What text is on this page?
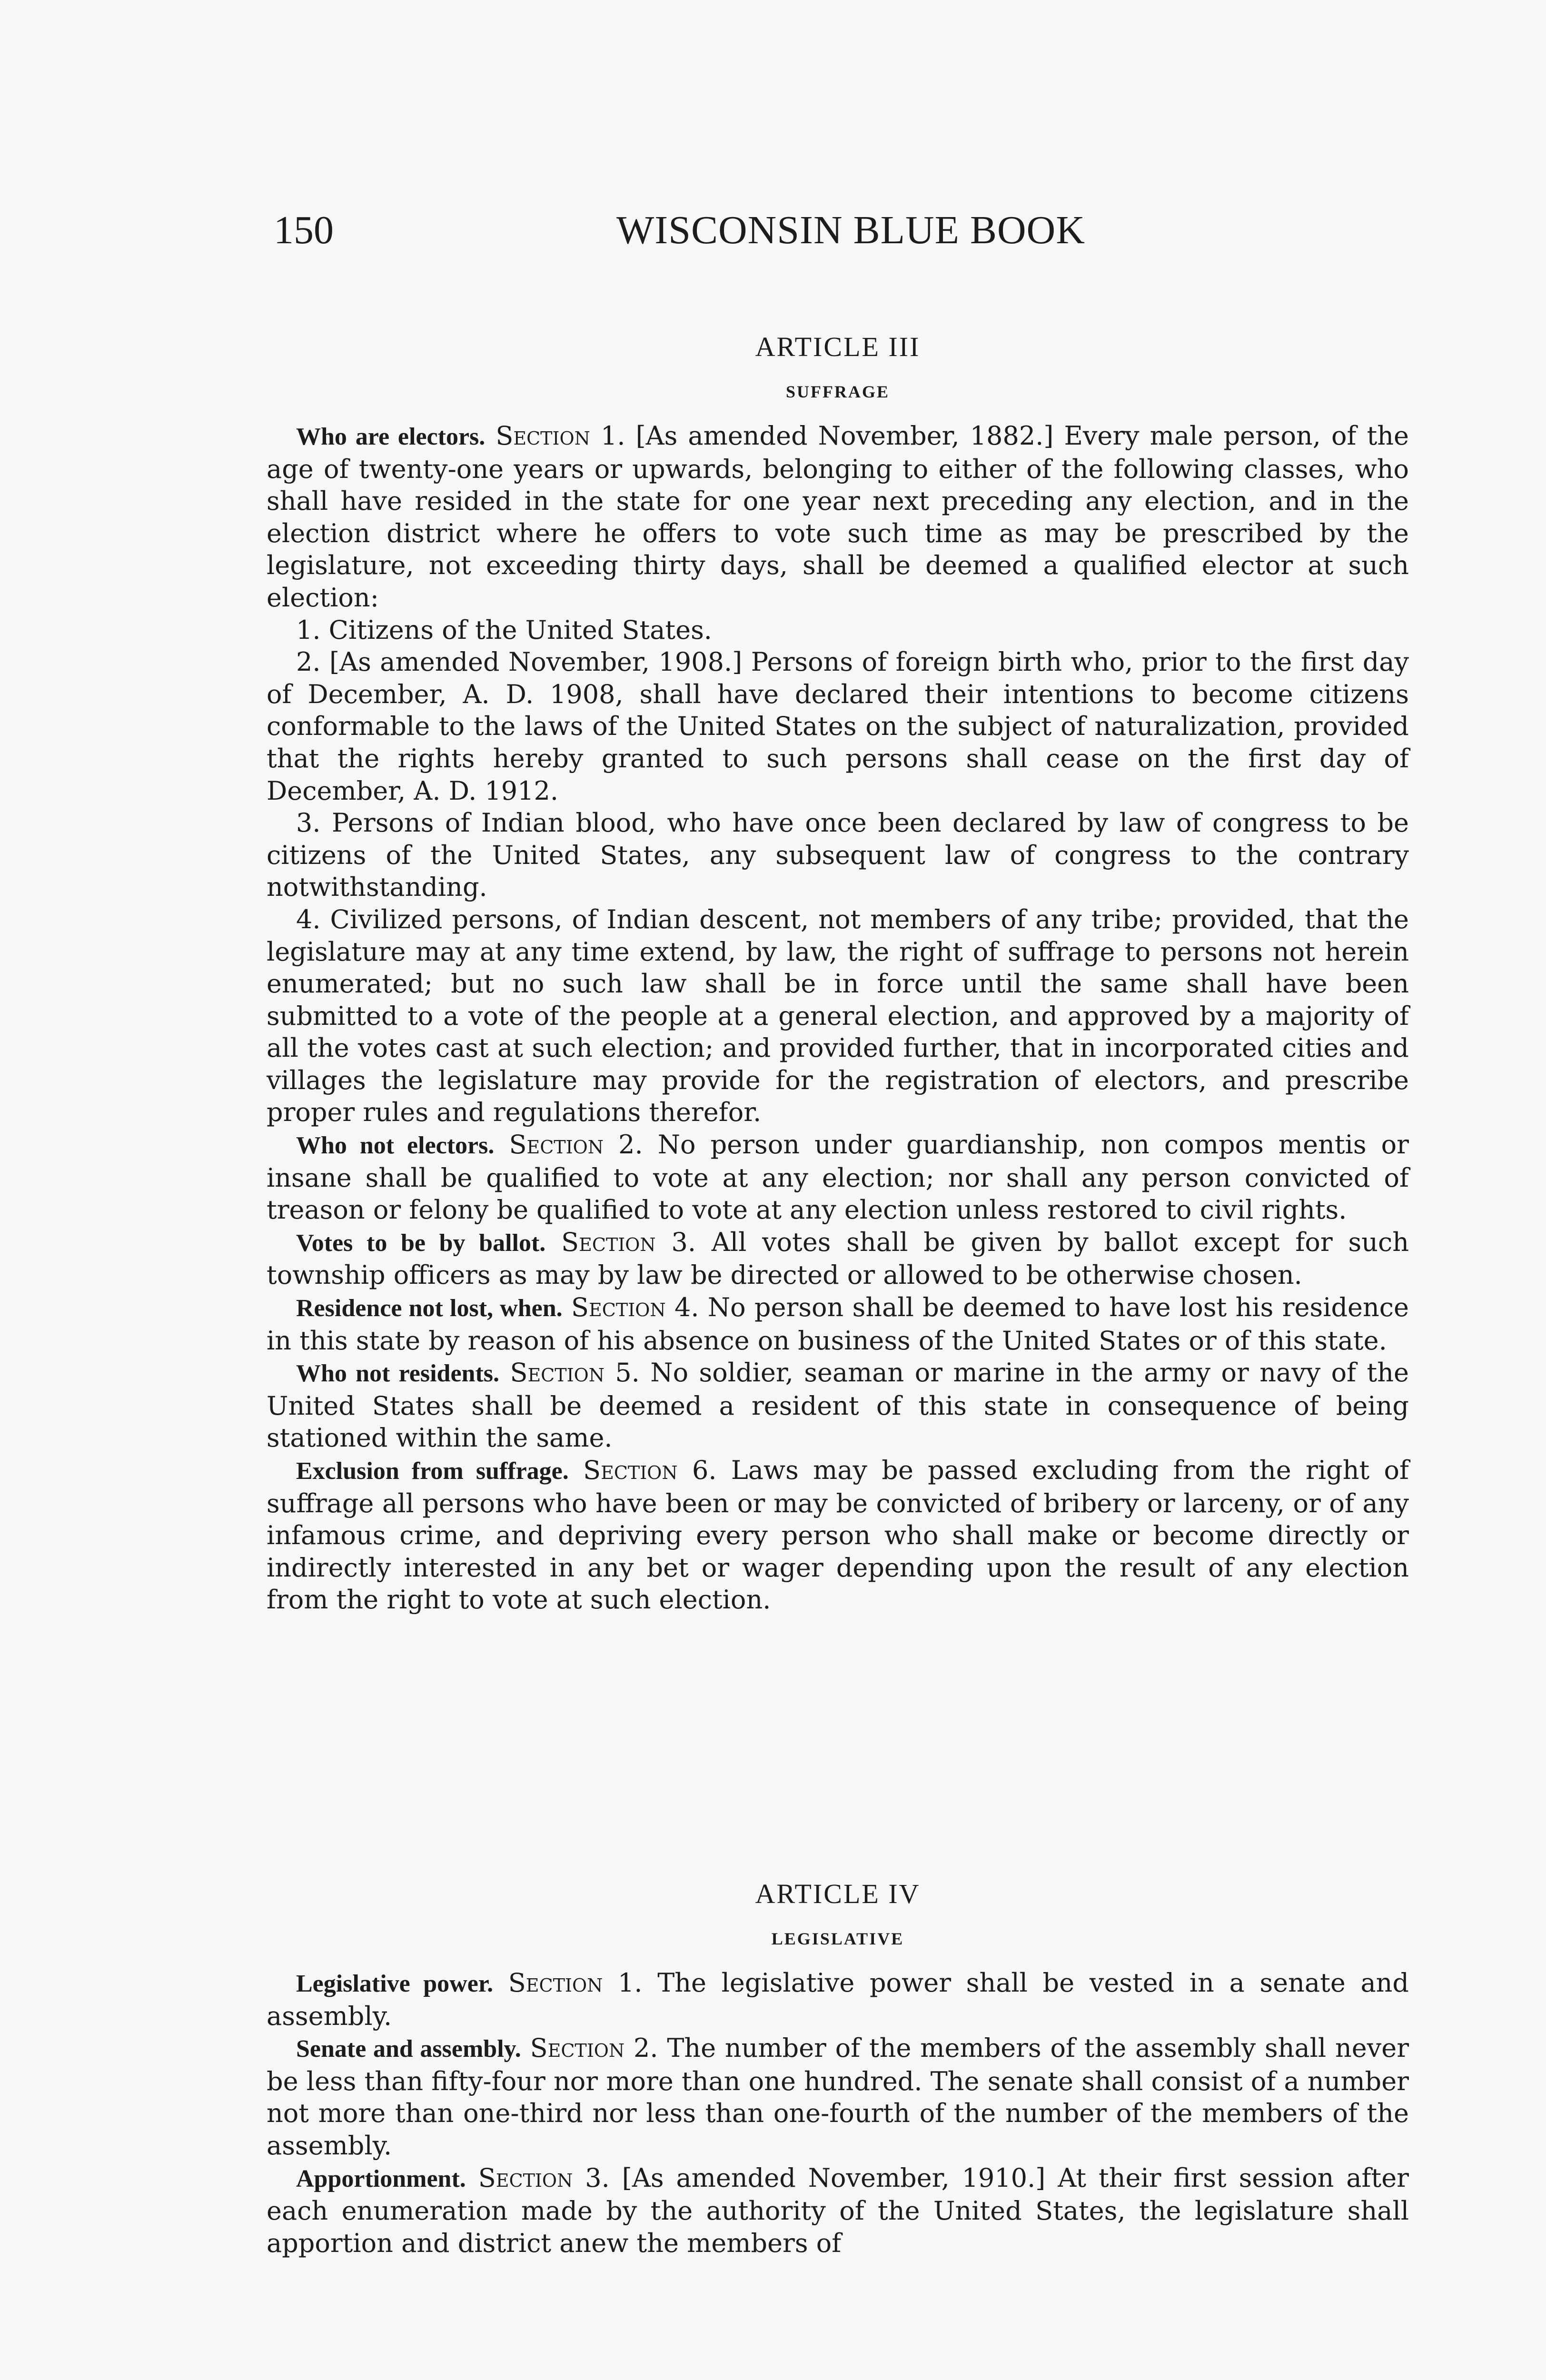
150	WISCONSIN BLUE BOOK

ARTICLE III

SUFFRAGE

Who are electors. Section 1. [As amended November, 1882.] Every male person, of the age of twenty-one years or upwards, belonging to either of the following classes, who shall have resided in the state for one year next preceding any election, and in the election district where he offers to vote such time as may be prescribed by the legislature, not exceeding thirty days, shall be deemed a qualified elector at such election:

1. Citizens of the United States.

2. [As amended November, 1908.] Persons of foreign birth who, prior to the first day of December, A. D. 1908, shall have declared their intentions to become citizens conformable to the laws of the United States on the subject of naturalization, provided that the rights hereby granted to such persons shall cease on the first day of December, A. D. 1912.

3. Persons of Indian blood, who have once been declared by law of congress to be citizens of the United States, any subsequent law of congress to the contrary notwithstanding.

4. Civilized persons, of Indian descent, not members of any tribe; provided, that the legislature may at any time extend, by law, the right of suffrage to persons not herein enumerated; but no such law shall be in force until the same shall have been submitted to a vote of the people at a general election, and approved by a majority of all the votes cast at such election; and provided further, that in incorporated cities and villages the legislature may provide for the registration of electors, and prescribe proper rules and regulations therefor.

Who not electors. Section 2. No person under guardianship, non compos mentis or insane shall be qualified to vote at any election; nor shall any person convicted of treason or felony be qualified to vote at any election unless restored to civil rights.

Votes to be by ballot. Section 3. All votes shall be given by ballot except for such township officers as may by law be directed or allowed to be otherwise chosen.

Residence not lost, when. Section 4. No person shall be deemed to have lost his residence in this state by reason of his absence on business of the United States or of this state.

Who not residents. Section 5. No soldier, seaman or marine in the army or navy of the United States shall be deemed a resident of this state in consequence of being stationed within the same.

Exclusion from suffrage. Section 6. Laws may be passed excluding from the right of suffrage all persons who have been or may be convicted of bribery or larceny, or of any infamous crime, and depriving every person who shall make or become directly or indirectly interested in any bet or wager depending upon the result of any election from the right to vote at such election.

ARTICLE IV

LEGISLATIVE

Legislative power. Section 1. The legislative power shall be vested in a senate and assembly.

Senate and assembly. Section 2. The number of the members of the assembly shall never be less than fifty-four nor more than one hundred. The senate shall consist of a number not more than one-third nor less than one-fourth of the number of the members of the assembly.

Apportionment. Section 3. [As amended November, 1910.] At their first session after each enumeration made by the authority of the United States, the legislature shall apportion and district anew the members of
